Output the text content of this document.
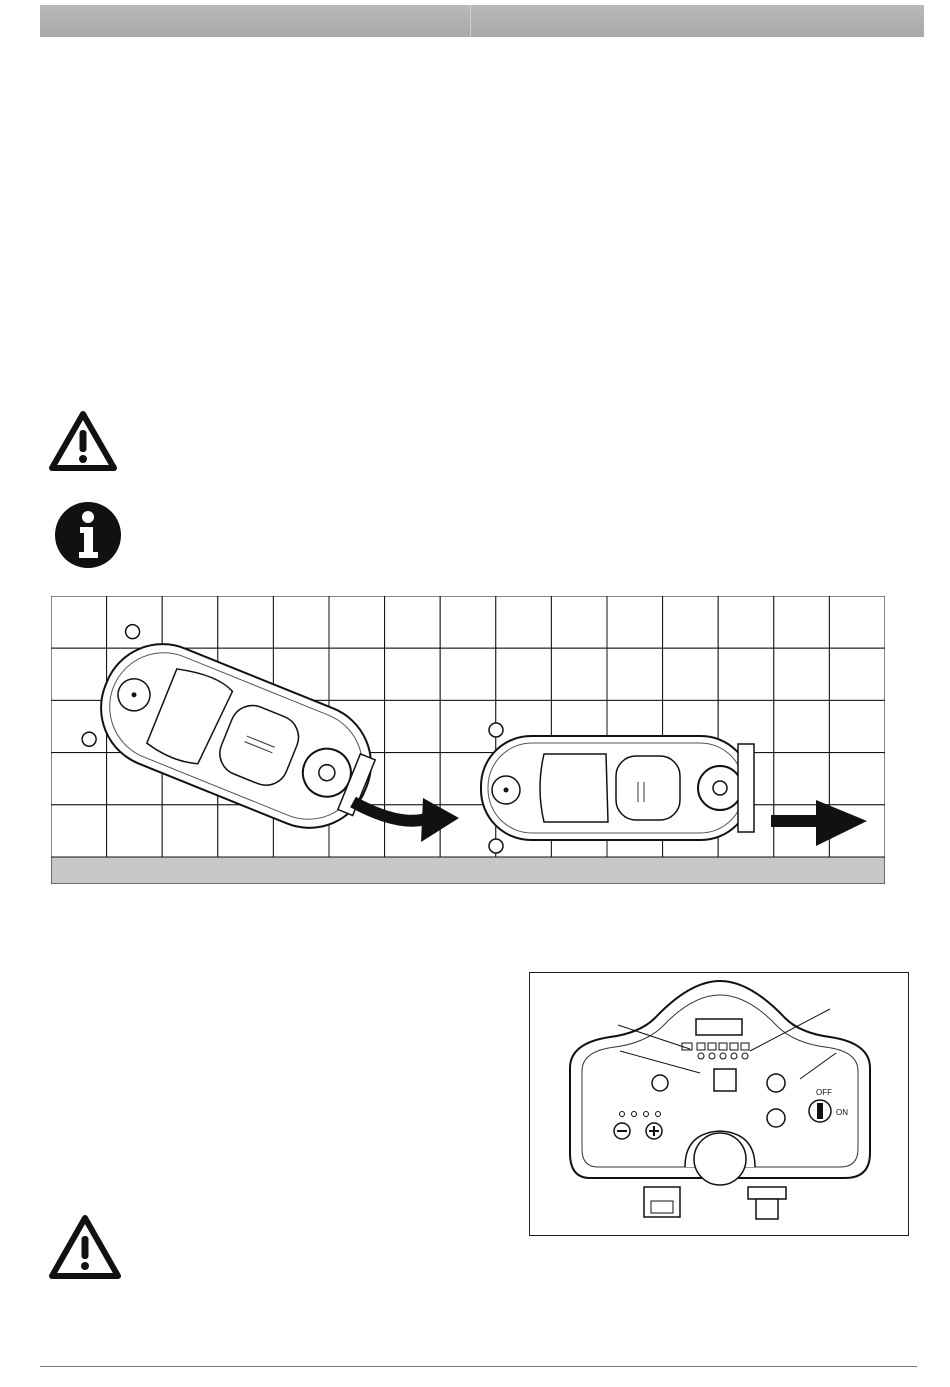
OFF
ON
